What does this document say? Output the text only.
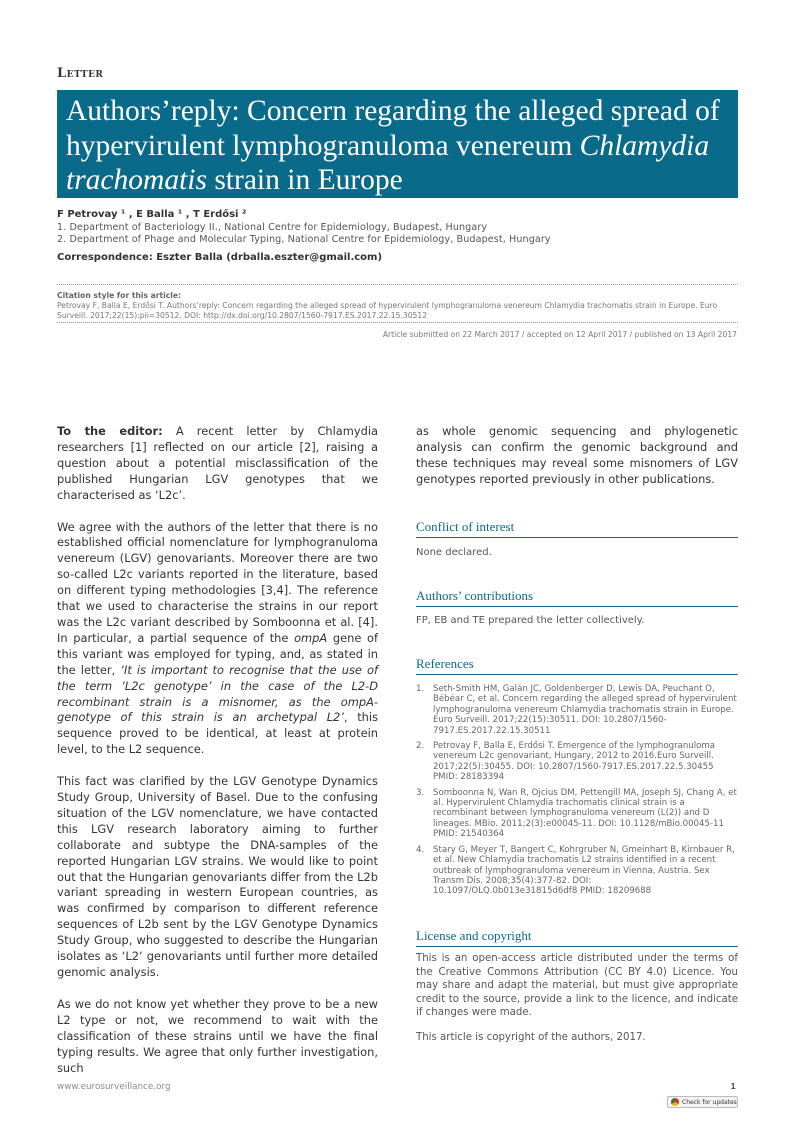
Letter
Authors’reply: Concern regarding the alleged spread of hypervirulent lymphogranuloma venereum Chlamydia trachomatis strain in Europe
F Petrovay ¹ , E Balla ¹ , T Erdősi ²
1. Department of Bacteriology II., National Centre for Epidemiology, Budapest, Hungary
2. Department of Phage and Molecular Typing, National Centre for Epidemiology, Budapest, Hungary
Correspondence: Eszter Balla (drballa.eszter@gmail.com)
Citation style for this article:
Petrovay F, Balla E, Erdősi T. Authors’reply: Concern regarding the alleged spread of hypervirulent lymphogranuloma venereum Chlamydia trachomatis strain in Europe. Euro Surveill. 2017;22(15):pii=30512. DOI: http://dx.doi.org/10.2807/1560-7917.ES.2017.22.15.30512
Article submitted on 22 March 2017 / accepted on 12 April 2017 / published on 13 April 2017

To the editor: A recent letter by Chlamydia researchers [1] reflected on our article [2], raising a question about a potential misclassification of the published Hungarian LGV genotypes that we characterised as ‘L2c’.

We agree with the authors of the letter that there is no established official nomenclature for lymphogranuloma venereum (LGV) genovariants. Moreover there are two so-called L2c variants reported in the literature, based on different typing methodologies [3,4]. The reference that we used to characterise the strains in our report was the L2c variant described by Somboonna et al. [4]. In particular, a partial sequence of the ompA gene of this variant was employed for typing, and, as stated in the letter, ‘It is important to recognise that the use of the term ‘L2c genotype’ in the case of the L2-D recombinant strain is a misnomer, as the ompA-genotype of this strain is an archetypal L2’, this sequence proved to be identical, at least at protein level, to the L2 sequence.

This fact was clarified by the LGV Genotype Dynamics Study Group, University of Basel. Due to the confusing situation of the LGV nomenclature, we have contacted this LGV research laboratory aiming to further collaborate and subtype the DNA-samples of the reported Hungarian LGV strains. We would like to point out that the Hungarian genovariants differ from the L2b variant spreading in western European countries, as was confirmed by comparison to different reference sequences of L2b sent by the LGV Genotype Dynamics Study Group, who suggested to describe the Hungarian isolates as ‘L2‘ genovariants until further more detailed genomic analysis.

As we do not know yet whether they prove to be a new L2 type or not, we recommend to wait with the classification of these strains until we have the final typing results. We agree that only further investigation, such

as whole genomic sequencing and phylogenetic analysis can confirm the genomic background and these techniques may reveal some misnomers of LGV genotypes reported previously in other publications.

Conflict of interest
None declared.
Authors’ contributions
FP, EB and TE prepared the letter collectively.
References
1. Seth-Smith HM, Galán JC, Goldenberger D, Lewis DA, Peuchant O, Bébéar C, et al. Concern regarding the alleged spread of hypervirulent lymphogranuloma venereum Chlamydia trachomatis strain in Europe. Euro Surveill. 2017;22(15):30511. DOI: 10.2807/1560-7917.ES.2017.22.15.30511
2. Petrovay F, Balla E, Erdősi T. Emergence of the lymphogranuloma venereum L2c genovariant, Hungary, 2012 to 2016.Euro Surveill. 2017;22(5):30455. DOI: 10.2807/1560-7917.ES.2017.22.5.30455 PMID: 28183394
3. Somboonna N, Wan R, Ojcius DM, Pettengill MA, Joseph SJ, Chang A, et al. Hypervirulent Chlamydia trachomatis clinical strain is a recombinant between lymphogranuloma venereum (L(2)) and D lineages. MBio. 2011;2(3):e00045-11. DOI: 10.1128/mBio.00045-11 PMID: 21540364
4. Stary G, Meyer T, Bangert C, Kohrgruber N, Gmeinhart B, Kirnbauer R, et al. New Chlamydia trachomatis L2 strains identified in a recent outbreak of lymphogranuloma venereum in Vienna, Austria. Sex Transm Dis. 2008;35(4):377-82. DOI: 10.1097/OLQ.0b013e31815d6df8 PMID: 18209688
License and copyright

This is an open-access article distributed under the terms of the Creative Commons Attribution (CC BY 4.0) Licence. You may share and adapt the material, but must give appropriate credit to the source, provide a link to the licence, and indicate if changes were made.

This article is copyright of the authors, 2017.

www.eurosurveillance.org	1
Check for updates
